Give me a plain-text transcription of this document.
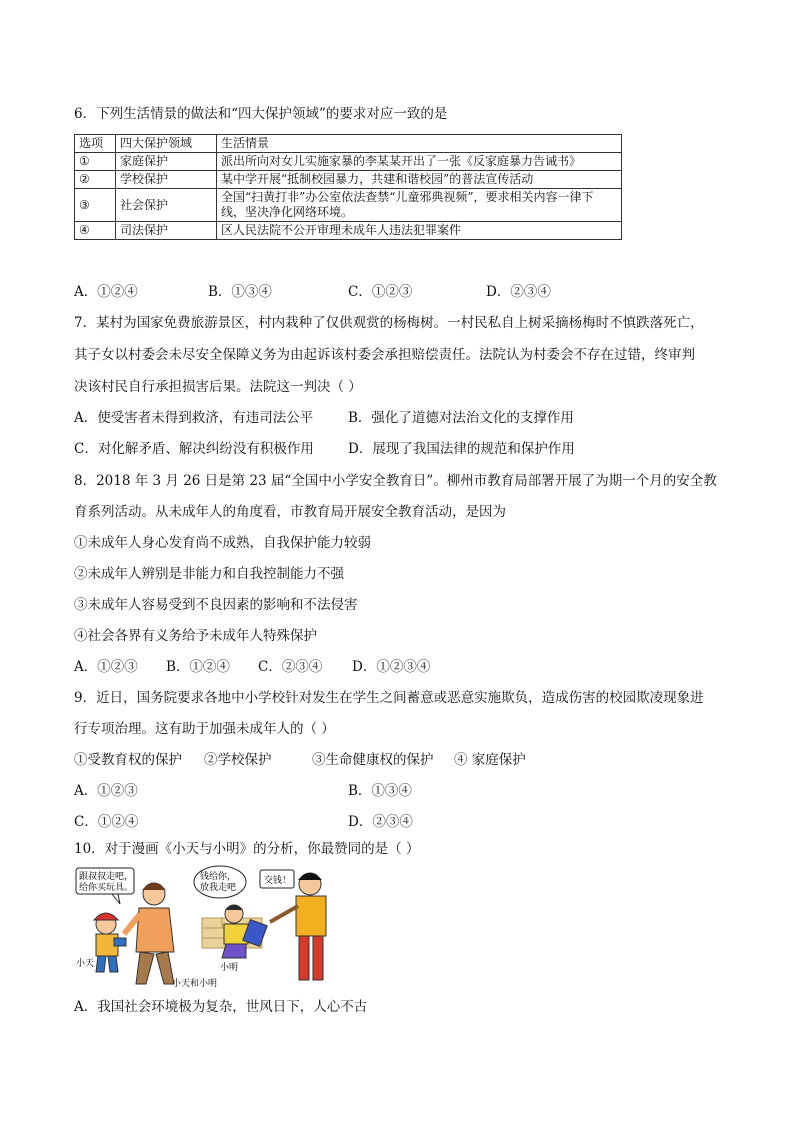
6．下列生活情景的做法和“四大保护领域”的要求对应一致的是
选项	四大保护领域	生活情景
①	家庭保护	派出所向对女儿实施家暴的李某某开出了一张《反家庭暴力告诫书》
②	学校保护	某中学开展“抵制校园暴力，共建和谐校园”的普法宣传活动
③	社会保护	全国“扫黄打非”办公室依法查禁“儿童邪典视频”，要求相关内容一律下线，坚决净化网络环境。
④	司法保护	区人民法院不公开审理未成年人违法犯罪案件
A．①②④	B．①③④	C．①②③	D．②③④
7．某村为国家免费旅游景区，村内栽种了仅供观赏的杨梅树。一村民私自上树采摘杨梅时不慎跌落死亡，
其子女以村委会未尽安全保障义务为由起诉该村委会承担赔偿责任。法院认为村委会不存在过错，终审判
决该村民自行承担损害后果。法院这一判决（ ）
A．使受害者未得到救济，有违司法公平	B．强化了道德对法治文化的支撑作用
C．对化解矛盾、解决纠纷没有积极作用	D．展现了我国法律的规范和保护作用
8．2018 年 3 月 26 日是第 23 届“全国中小学安全教育日”。柳州市教育局部署开展了为期一个月的安全教
育系列活动。从未成年人的角度看，市教育局开展安全教育活动，是因为
①未成年人身心发育尚不成熟，自我保护能力较弱
②未成年人辨别是非能力和自我控制能力不强
③未成年人容易受到不良因素的影响和不法侵害
④社会各界有义务给予未成年人特殊保护
A．①②③ B．①②④ C．②③④ D．①②③④
9．近日，国务院要求各地中小学校针对发生在学生之间蓄意或恶意实施欺负，造成伤害的校园欺凌现象进
行专项治理。这有助于加强未成年人的（ ）
①受教育权的保护 ②学校保护	③生命健康权的保护 ④ 家庭保护
A．①②③	B．①③④
C．①②④	D．②③④
10．对于漫画《小天与小明》的分析，你最赞同的是（ ）
跟叔叔走吧，
给你买玩具。
小天
钱给你，
放我走吧
交钱！
小明
小天和小明
A．我国社会环境极为复杂，世风日下，人心不古
